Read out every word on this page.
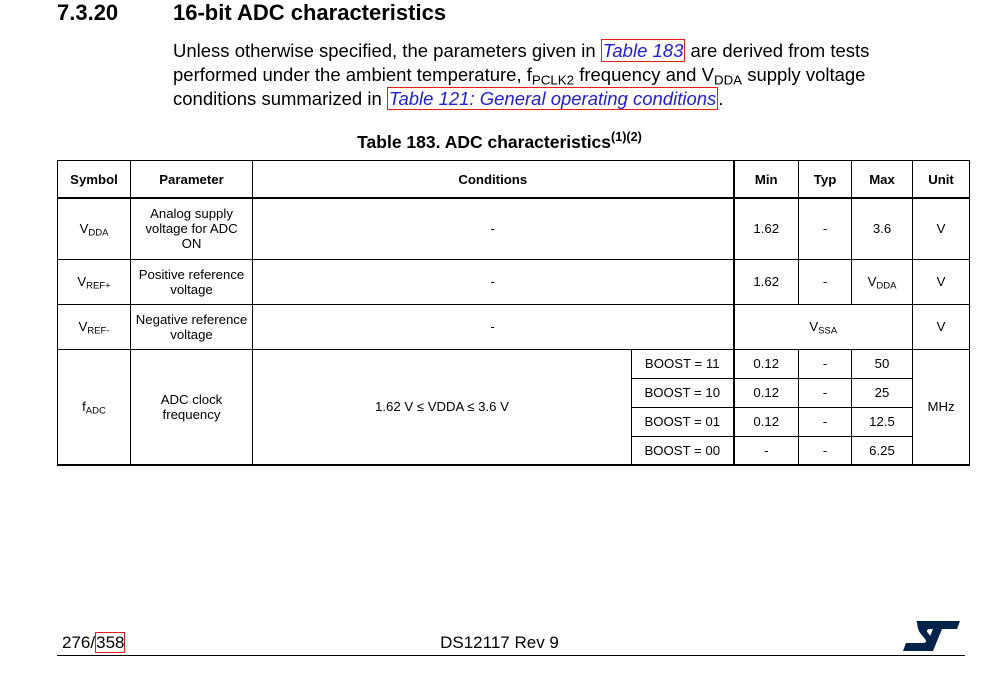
7.3.20 16-bit ADC characteristics
Unless otherwise specified, the parameters given in Table 183 are derived from tests
performed under the ambient temperature, $f_{PCLK2}$ frequency and $V_{DDA}$ supply voltage
conditions summarized in Table 121: General operating conditions .
Table 183. ADC characteristics$^{(1)(2)}$
Symbol	Parameter	Conditions		Min	Typ	Max	Unit
$V_{DDA}$	Analog supply voltage for ADC ON	-		1.62	-	3.6	V
$V_{REF+}$	Positive reference voltage	-		1.62	-	$V_{DDA}$	V
$V_{REF-}$	Negative reference voltage	-		$V_{SSA}$			V
$f_{ADC}$	ADC clock frequency	1.62 V ≤ VDDA ≤ 3.6 V	BOOST = 11	0.12	-	50	MHz
			BOOST = 10	0.12	-	25	
			BOOST = 01	0.12	-	12.5	
			BOOST = 00	-	-	6.25	
276/358	DS12117 Rev 9
